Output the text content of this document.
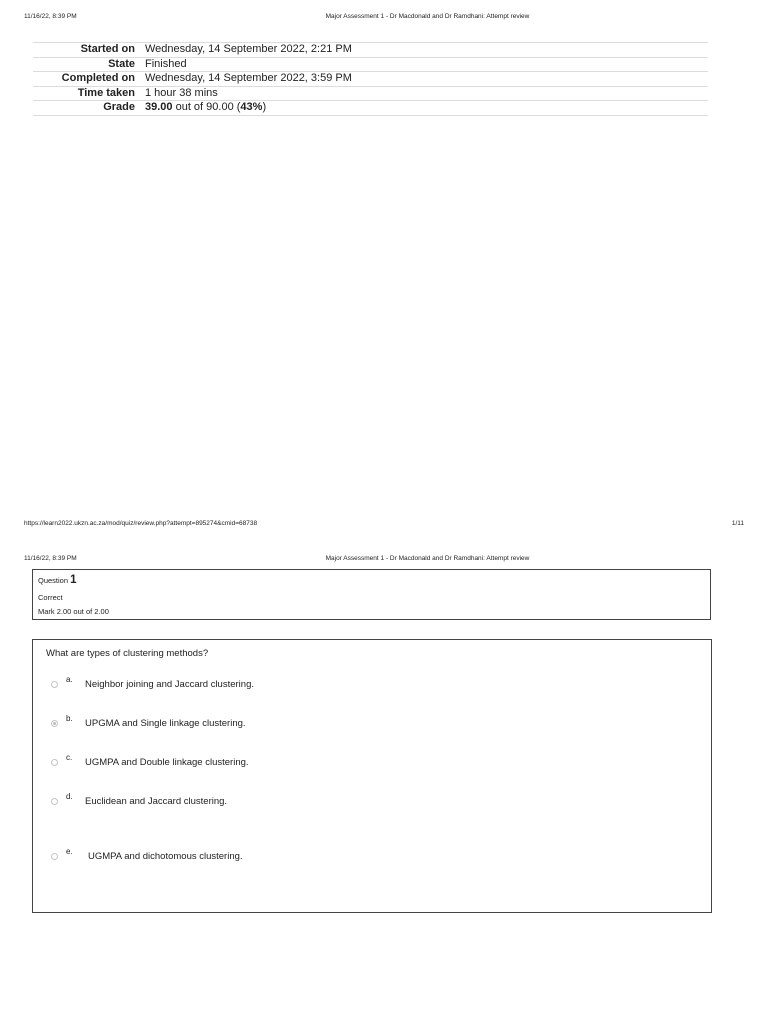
11/16/22, 8:39 PM	Major Assessment 1 - Dr Macdonald and Dr Ramdhani: Attempt review
Started on	Wednesday, 14 September 2022, 2:21 PM
State	Finished
Completed on	Wednesday, 14 September 2022, 3:59 PM
Time taken	1 hour 38 mins
Grade	39.00 out of 90.00 (43%)
https://learn2022.ukzn.ac.za/mod/quiz/review.php?attempt=895274&cmid=68738	1/11
11/16/22, 8:39 PM	Major Assessment 1 - Dr Macdonald and Dr Ramdhani: Attempt review
Question 1
Correct
Mark 2.00 out of 2.00
What are types of clustering methods?
a. Neighbor joining and Jaccard clustering.
b. UPGMA and Single linkage clustering.
c. UGMPA and Double linkage clustering.
d. Euclidean and Jaccard clustering.
e. UGMPA and dichotomous clustering.
